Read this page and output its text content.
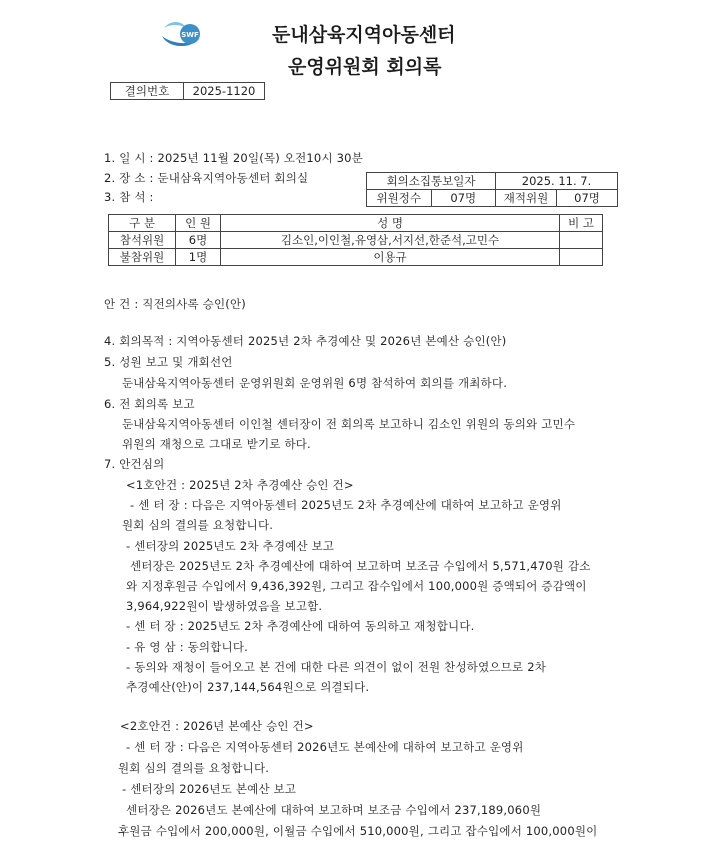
SWF	둔내삼육지역아동센터
운영위원회 회의록
결의번호	2025-1120
1. 일 시 : 2025년 11월 20일(목) 오전10시 30분
2. 장 소 : 둔내삼육지역아동센터 회의실
3. 참 석 :
회의소집통보일자		2025. 11. 7.	
위원정수	07명	재적위원	07명
구 분	인 원	성 명	비 고
참석위원	6명	김소인,이인철,유영삼,서지선,한준석,고민수	
불참위원	1명	이용규	
안 건 : 직전의사록 승인(안)
4. 회의목적 : 지역아동센터 2025년 2차 추경예산 및 2026년 본예산 승인(안)
5. 성원 보고 및 개회선언
둔내삼육지역아동센터 운영위원회 운영위원 6명 참석하여 회의를 개최하다.
6. 전 회의록 보고
둔내삼육지역아동센터 이인철 센터장이 전 회의록 보고하니 김소인 위원의 동의와 고민수
위원의 재청으로 그대로 받기로 하다.
7. 안건심의
<1호안건 : 2025년 2차 추경예산 승인 건>
- 센 터 장 : 다음은 지역아동센터 2025년도 2차 추경예산에 대하여 보고하고 운영위
원회 심의 결의를 요청합니다.
- 센터장의 2025년도 2차 추경예산 보고
센터장은 2025년도 2차 추경예산에 대하여 보고하며 보조금 수입에서 5,571,470원 감소
와 지정후원금 수입에서 9,436,392원, 그리고 잡수입에서 100,000원 증액되어 증감액이
3,964,922원이 발생하였음을 보고함.
- 센 터 장 : 2025년도 2차 추경예산에 대하여 동의하고 재청합니다.
- 유 영 삼 : 동의합니다.
- 동의와 재청이 들어오고 본 건에 대한 다른 의견이 없이 전원 찬성하였으므로 2차
추경예산(안)이 237,144,564원으로 의결되다.
<2호안건 : 2026년 본예산 승인 건>
- 센 터 장 : 다음은 지역아동센터 2026년도 본예산에 대하여 보고하고 운영위
원회 심의 결의를 요청합니다.
- 센터장의 2026년도 본예산 보고
센터장은 2026년도 본예산에 대하여 보고하며 보조금 수입에서 237,189,060원
후원금 수입에서 200,000원, 이월금 수입에서 510,000원, 그리고 잡수입에서 100,000원이
